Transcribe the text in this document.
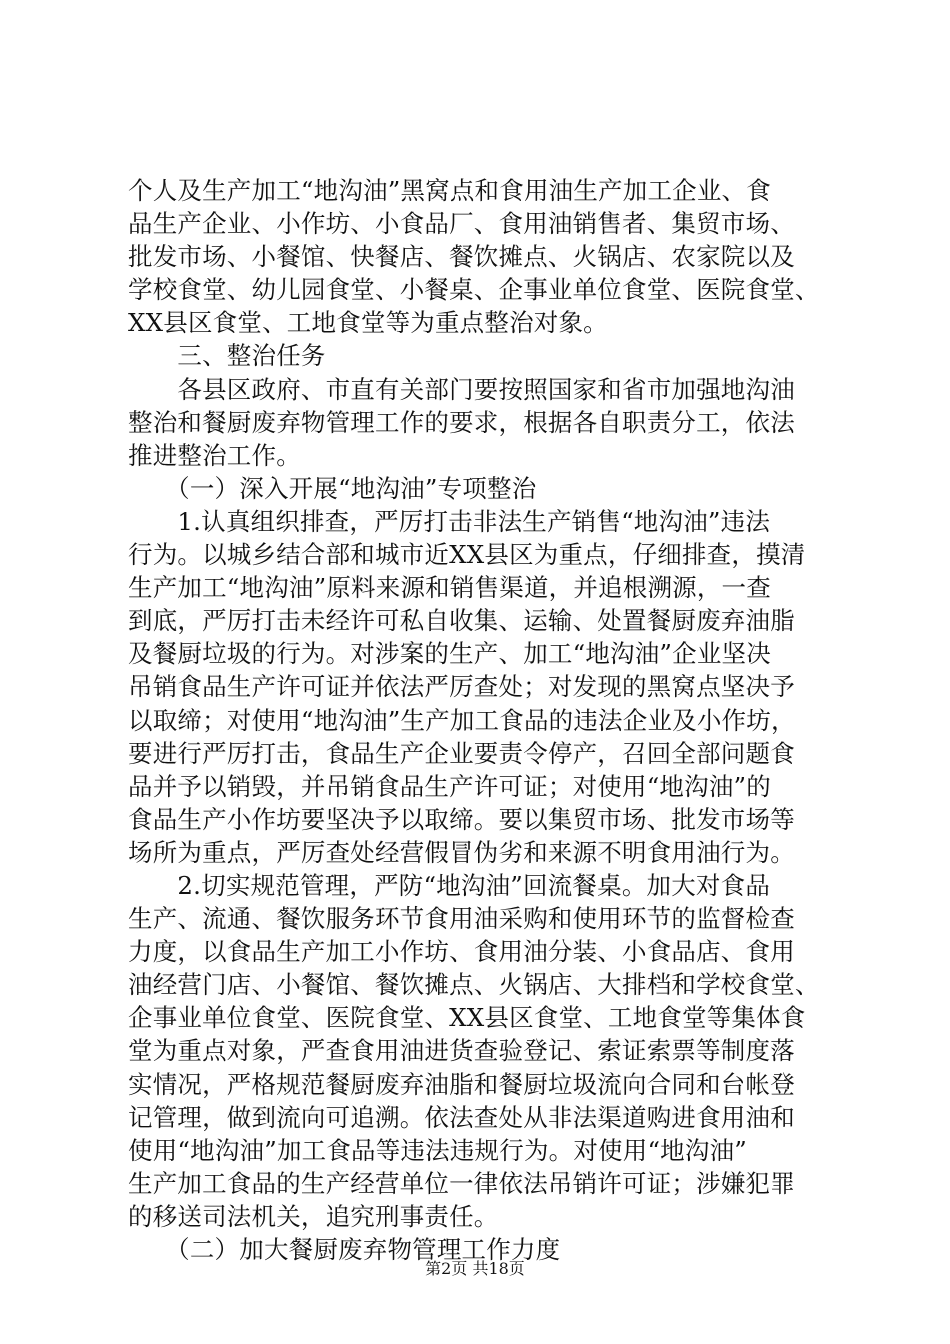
个人及生产加工“地沟油”黑窝点和食用油生产加工企业、食
品生产企业、小作坊、小食品厂、食用油销售者、集贸市场、
批发市场、小餐馆、快餐店、餐饮摊点、火锅店、农家院以及
学校食堂、幼儿园食堂、小餐桌、企事业单位食堂、医院食堂、
XX县区食堂、工地食堂等为重点整治对象。
　　三、整治任务
　　各县区政府、市直有关部门要按照国家和省市加强地沟油
整治和餐厨废弃物管理工作的要求，根据各自职责分工，依法
推进整治工作。
　　（一）深入开展“地沟油”专项整治
　　1.认真组织排查，严厉打击非法生产销售“地沟油”违法
行为。以城乡结合部和城市近XX县区为重点，仔细排查，摸清
生产加工“地沟油”原料来源和销售渠道，并追根溯源，一查
到底，严厉打击未经许可私自收集、运输、处置餐厨废弃油脂
及餐厨垃圾的行为。对涉案的生产、加工“地沟油”企业坚决
吊销食品生产许可证并依法严厉查处；对发现的黑窝点坚决予
以取缔；对使用“地沟油”生产加工食品的违法企业及小作坊，
要进行严厉打击，食品生产企业要责令停产，召回全部问题食
品并予以销毁，并吊销食品生产许可证；对使用“地沟油”的
食品生产小作坊要坚决予以取缔。要以集贸市场、批发市场等
场所为重点，严厉查处经营假冒伪劣和来源不明食用油行为。
　　2.切实规范管理，严防“地沟油”回流餐桌。加大对食品
生产、流通、餐饮服务环节食用油采购和使用环节的监督检查
力度，以食品生产加工小作坊、食用油分装、小食品店、食用
油经营门店、小餐馆、餐饮摊点、火锅店、大排档和学校食堂、
企事业单位食堂、医院食堂、XX县区食堂、工地食堂等集体食
堂为重点对象，严查食用油进货查验登记、索证索票等制度落
实情况，严格规范餐厨废弃油脂和餐厨垃圾流向合同和台帐登
记管理，做到流向可追溯。依法查处从非法渠道购进食用油和
使用“地沟油”加工食品等违法违规行为。对使用“地沟油”
生产加工食品的生产经营单位一律依法吊销许可证；涉嫌犯罪
的移送司法机关，追究刑事责任。
　　（二）加大餐厨废弃物管理工作力度
第2页 共18页
